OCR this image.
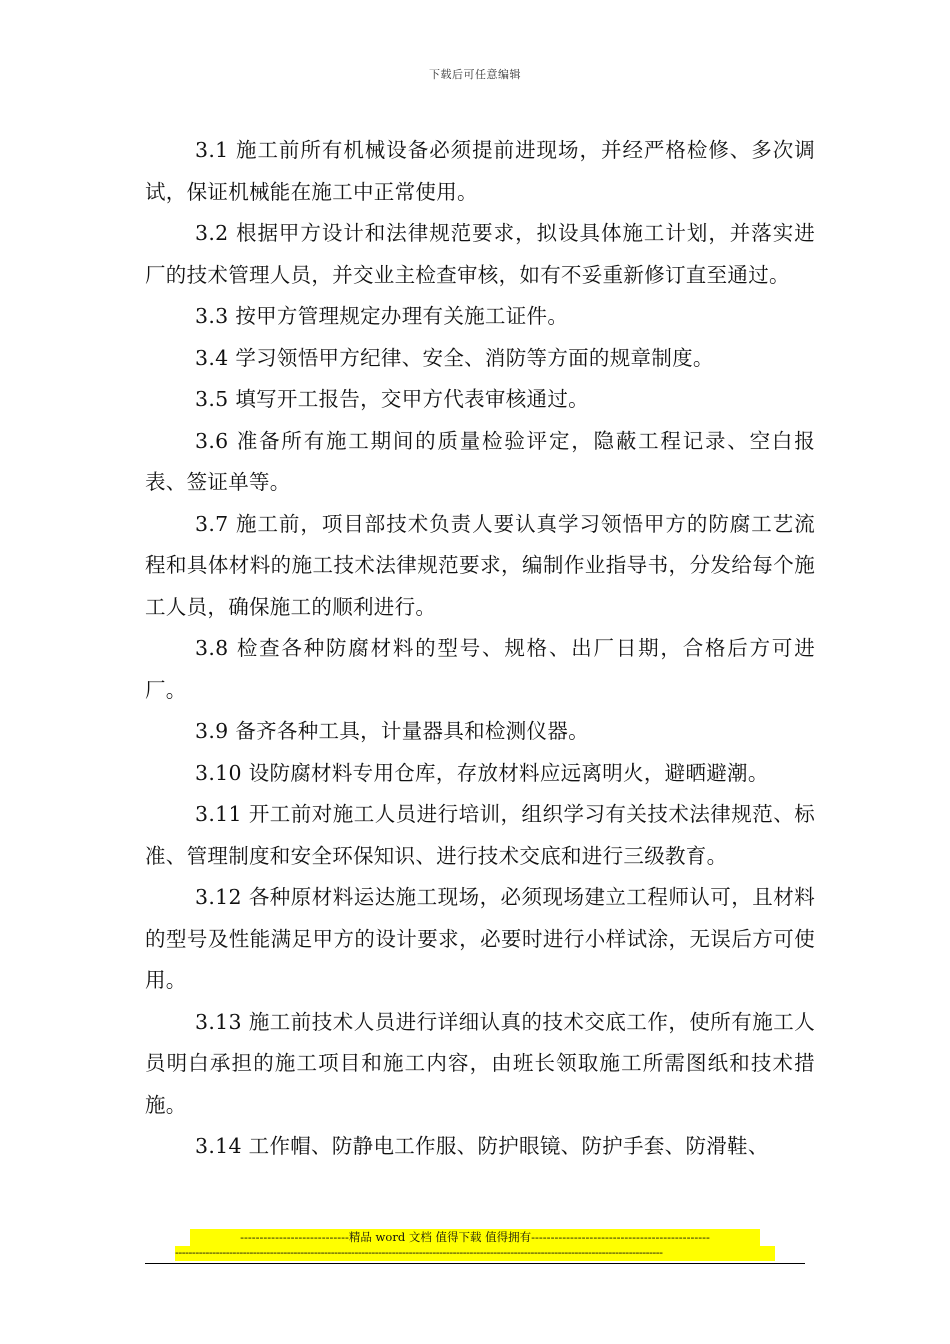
下载后可任意编辑

3.1 施工前所有机械设备必须提前进现场，并经严格检修、多次调试，保证机械能在施工中正常使用。

3.2 根据甲方设计和法律规范要求，拟设具体施工计划，并落实进厂的技术管理人员，并交业主检查审核，如有不妥重新修订直至通过。

3.3 按甲方管理规定办理有关施工证件。

3.4 学习领悟甲方纪律、安全、消防等方面的规章制度。

3.5 填写开工报告，交甲方代表审核通过。

3.6 准备所有施工期间的质量检验评定，隐蔽工程记录、空白报表、签证单等。

3.7 施工前，项目部技术负责人要认真学习领悟甲方的防腐工艺流程和具体材料的施工技术法律规范要求，编制作业指导书，分发给每个施工人员，确保施工的顺利进行。

3.8 检查各种防腐材料的型号、规格、出厂日期，合格后方可进厂。

3.9 备齐各种工具，计量器具和检测仪器。

3.10 设防腐材料专用仓库，存放材料应远离明火，避晒避潮。

3.11 开工前对施工人员进行培训，组织学习有关技术法律规范、标准、管理制度和安全环保知识、进行技术交底和进行三级教育。

3.12 各种原材料运达施工现场，必须现场建立工程师认可，且材料的型号及性能满足甲方的设计要求，必要时进行小样试涂，无误后方可使用。

3.13 施工前技术人员进行详细认真的技术交底工作，使所有施工人员明白承担的施工项目和施工内容，由班长领取施工所需图纸和技术措施。

3.14 工作帽、防静电工作服、防护眼镜、防护手套、防滑鞋、

----------------------------精品 word 文档 值得下载 值得拥有----------------------------------------------
------------------------------------------------------------------------------------------------------------------------------------------------
